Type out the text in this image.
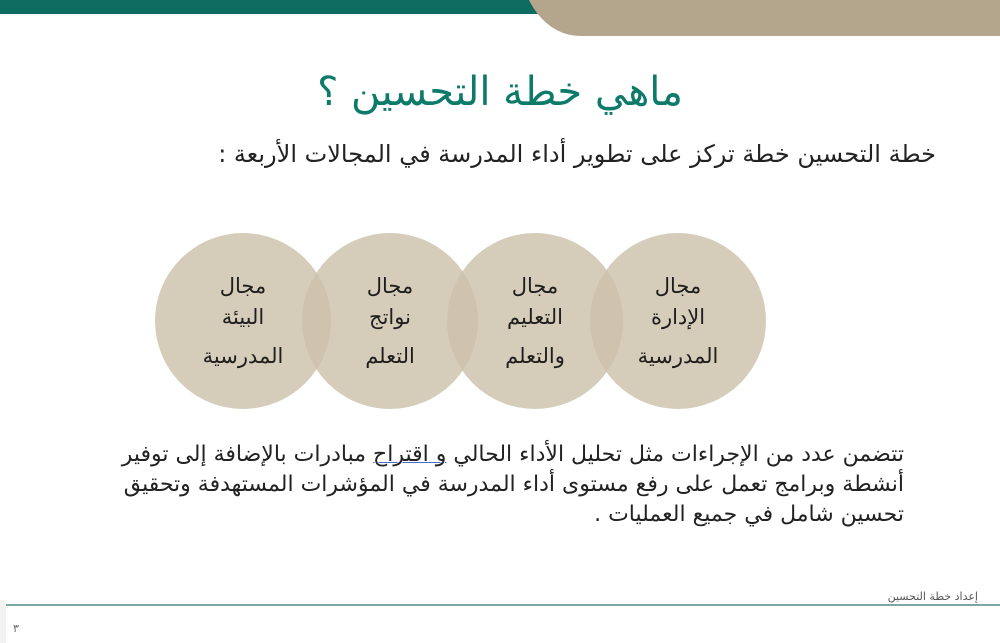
ماهي خطة التحسين ؟
خطة التحسين خطة تركز على تطوير أداء المدرسة في المجالات الأربعة :
مجال
الإدارة
المدرسية
مجال
التعليم
والتعلم
مجال
نواتج
التعلم
مجال
البيئة
المدرسية
تتضمن عدد من الإجراءات مثل تحليل الأداء الحالي و اقتراح مبادرات بالإضافة إلى توفير أنشطة وبرامج تعمل على رفع مستوى أداء المدرسة في المؤشرات المستهدفة وتحقيق تحسين شامل في جميع العمليات .
إعداد خطة التحسين
٣
